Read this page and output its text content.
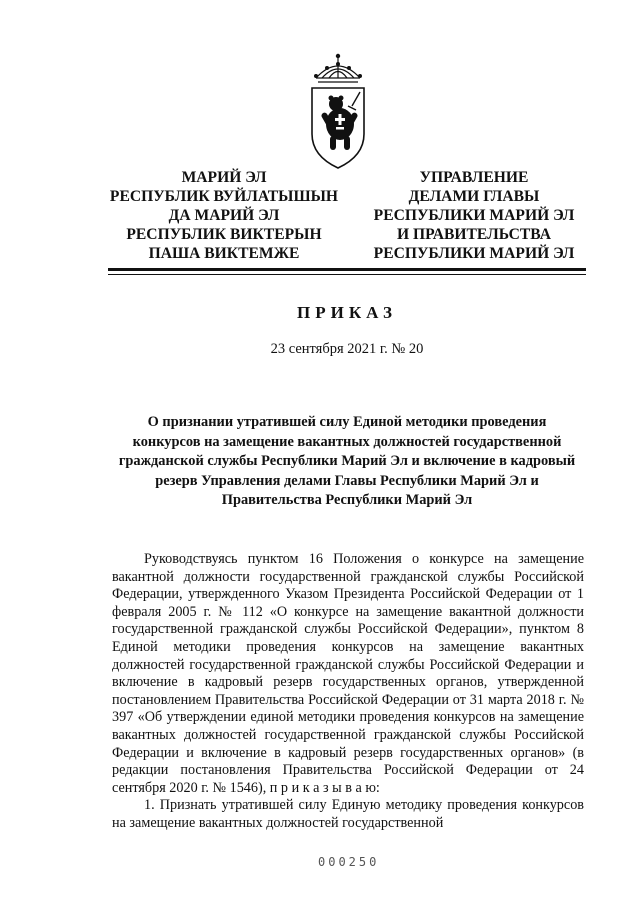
МАРИЙ ЭЛ
РЕСПУБЛИК ВУЙЛАТЫШЫН
ДА МАРИЙ ЭЛ
РЕСПУБЛИК ВИКТЕРЫН
ПАША ВИКТЕМЖЕ
УПРАВЛЕНИЕ
ДЕЛАМИ ГЛАВЫ
РЕСПУБЛИКИ МАРИЙ ЭЛ
И ПРАВИТЕЛЬСТВА
РЕСПУБЛИКИ МАРИЙ ЭЛ
ПРИКАЗ
23 сентября 2021 г. № 20
О признании утратившей силу Единой методики проведения конкурсов на замещение вакантных должностей государственной гражданской службы Республики Марий Эл и включение в кадровый резерв Управления делами Главы Республики Марий Эл и Правительства Республики Марий Эл

Руководствуясь пунктом 16 Положения о конкурсе на замещение вакантной должности государственной гражданской службы Российской Федерации, утвержденного Указом Президента Российской Федерации от 1 февраля 2005 г. № 112 «О конкурсе на замещение вакантной должности государственной гражданской службы Российской Федерации», пунктом 8 Единой методики проведения конкурсов на замещение вакантных должностей государственной гражданской службы Российской Федерации и включение в кадровый резерв государственных органов, утвержденной постановлением Правительства Российской Федерации от 31 марта 2018 г. № 397 «Об утверждении единой методики проведения конкурсов на замещение вакантных должностей государственной гражданской службы Российской Федерации и включение в кадровый резерв государственных органов» (в редакции постановления Правительства Российской Федерации от 24 сентября 2020 г. № 1546), п р и к а з ы в а ю:

1. Признать утратившей силу Единую методику проведения конкурсов на замещение вакантных должностей государственной

000250
